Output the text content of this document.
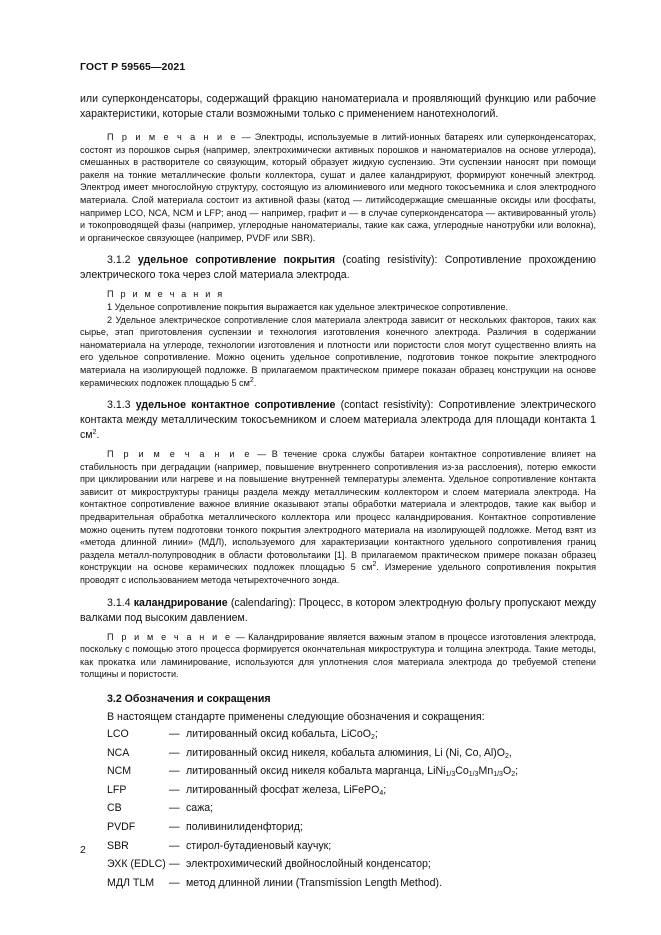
ГОСТ Р 59565—2021

или суперконденсаторы, содержащий фракцию наноматериала и проявляющий функцию или рабочие характеристики, которые стали возможными только с применением нанотехнологий.

П р и м е ч а н и е — Электроды, используемые в литий-ионных батареях или суперконденсаторах, состоят из порошков сырья (например, электрохимически активных порошков и наноматериалов на основе углерода), смешанных в растворителе со связующим, который образует жидкую суспензию. Эти суспензии наносят при помощи ракеля на тонкие металлические фольги коллектора, сушат и далее каландрируют, формируют конечный электрод. Электрод имеет многослойную структуру, состоящую из алюминиевого или медного токосъемника и слоя электродного материала. Слой материала состоит из активной фазы (катод — литийсодержащие смешанные оксиды или фосфаты, например LCO, NCA, NCM и LFP; анод — например, графит и — в случае суперконденсатора — активированный уголь) и токопроводящей фазы (например, углеродные наноматериалы, такие как сажа, углеродные нанотрубки или волокна), и органическое связующее (например, PVDF или SBR).

3.1.2 удельное сопротивление покрытия (coating resistivity): Сопротивление прохождению электрического тока через слой материала электрода.

П р и м е ч а н и я

1 Удельное сопротивление покрытия выражается как удельное электрическое сопротивление.

2 Удельное электрическое сопротивление слоя материала электрода зависит от нескольких факторов, таких как сырье, этап приготовления суспензии и технология изготовления конечного электрода. Различия в содержании наноматериала на углероде, технологии изготовления и плотности или пористости слоя могут существенно влиять на его удельное сопротивление. Можно оценить удельное сопротивление, подготовив тонкое покрытие электродного материала на изолирующей подложке. В прилагаемом практическом примере показан образец конструкции на основе керамических подложек площадью 5 $см^2$.

3.1.3 удельное контактное сопротивление (contact resistivity): Сопротивление электрического контакта между металлическим токосъемником и слоем материала электрода для площади контакта 1 $см^2$.

П р и м е ч а н и е — В течение срока службы батареи контактное сопротивление влияет на стабильность при деградации (например, повышение внутреннего сопротивления из-за расслоения), потерю емкости при циклировании или нагреве и на повышение внутренней температуры элемента. Удельное сопротивление контакта зависит от микроструктуры границы раздела между металлическим коллектором и слоем материала электрода. На контактное сопротивление важное влияние оказывают этапы обработки материала и электродов, такие как выбор и предварительная обработка металлического коллектора или процесс каландрирования. Контактное сопротивление можно оценить путем подготовки тонкого покрытия электродного материала на изолирующей подложке. Метод взят из «метода длинной линии» (МДЛ), используемого для характеризации контактного удельного сопротивления границ раздела металл-полупроводник в области фотовольтаики [1]. В прилагаемом практическом примере показан образец конструкции на основе керамических подложек площадью 5 $см^2$. Измерение удельного сопротивления покрытия проводят с использованием метода четырехточечного зонда.

3.1.4 каландрирование (calendaring): Процесс, в котором электродную фольгу пропускают между валками под высоким давлением.

П р и м е ч а н и е — Каландрирование является важным этапом в процессе изготовления электрода, поскольку с помощью этого процесса формируется окончательная микроструктура и толщина электрода. Такие методы, как прокатка или ламинирование, используются для уплотнения слоя материала электрода до требуемой степени толщины и пористости.

3.2 Обозначения и сокращения

В настоящем стандарте применены следующие обозначения и сокращения:

LCO	— литированный оксид кобальта, LiCoO$_2$;
NCA	— литированный оксид никеля, кобальта алюминия, Li (Ni, Co, $Al)O_2$,
NCM	— литированный оксид никеля кобальта марганца, $LiNi_{1/3}Co_{1/3}Mn_{1/3}O_2$;
LFP	— литированный фосфат железа, LiFePO$_4$;
CB	— сажа;
PVDF	— поливинилиденфторид;
SBR	— стирол-бутадиеновый каучук;
ЭХК (EDLC) — электрохимический двойнослойный конденсатор;
МДЛ TLM	— метод длинной линии (Transmission Length Method).
2
